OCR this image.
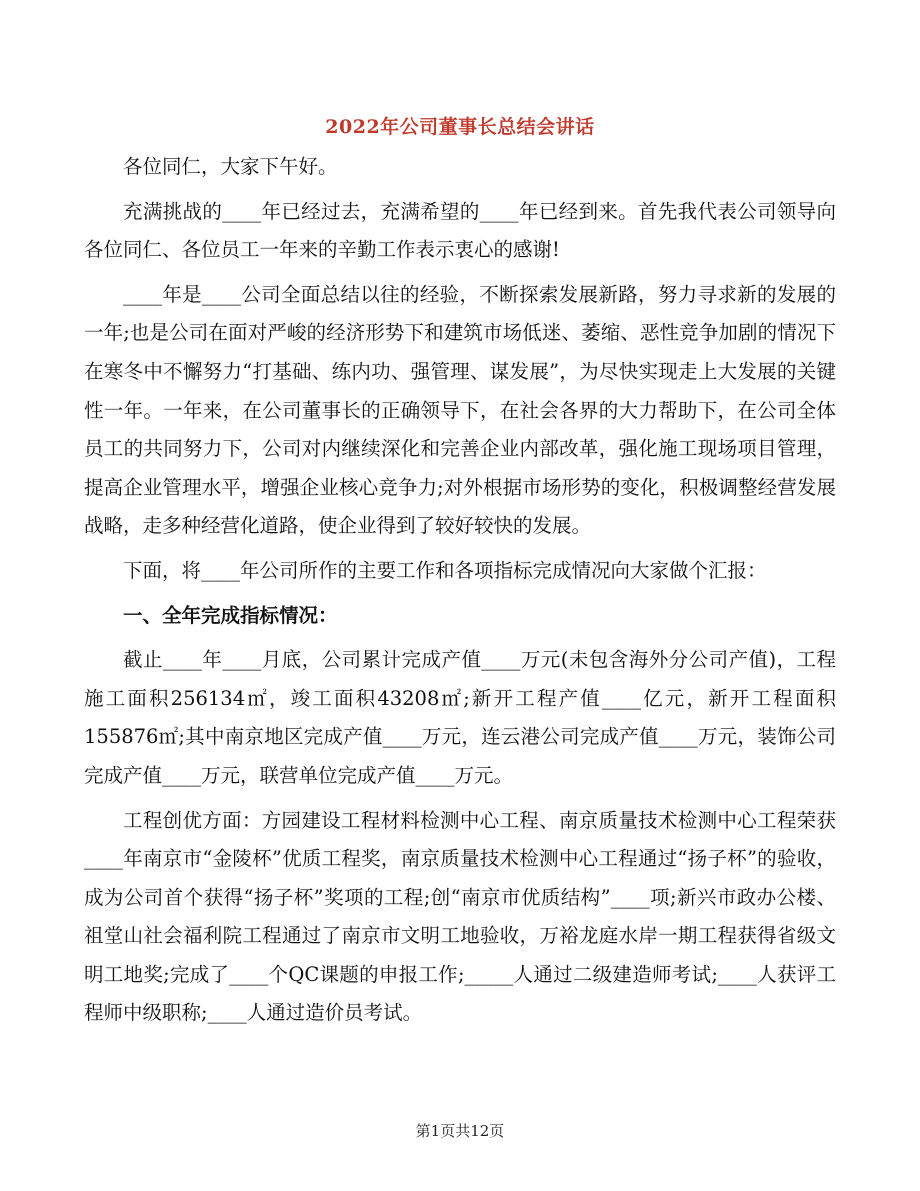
2022年公司董事长总结会讲话

各位同仁，大家下午好。

充满挑战的____年已经过去，充满希望的____年已经到来。首先我代表公司领导向各位同仁、各位员工一年来的辛勤工作表示衷心的感谢!

____年是____公司全面总结以往的经验，不断探索发展新路，努力寻求新的发展的一年;也是公司在面对严峻的经济形势下和建筑市场低迷、萎缩、恶性竞争加剧的情况下在寒冬中不懈努力“打基础、练内功、强管理、谋发展”，为尽快实现走上大发展的关键性一年。一年来，在公司董事长的正确领导下，在社会各界的大力帮助下，在公司全体员工的共同努力下，公司对内继续深化和完善企业内部改革，强化施工现场项目管理，提高企业管理水平，增强企业核心竞争力;对外根据市场形势的变化，积极调整经营发展战略，走多种经营化道路，使企业得到了较好较快的发展。

下面，将____年公司所作的主要工作和各项指标完成情况向大家做个汇报：

一、全年完成指标情况：

截止____年____月底，公司累计完成产值____万元(未包含海外分公司产值)，工程施工面积256134㎡，竣工面积43208㎡;新开工程产值____亿元，新开工程面积155876㎡;其中南京地区完成产值____万元，连云港公司完成产值____万元，装饰公司完成产值____万元，联营单位完成产值____万元。

工程创优方面：方园建设工程材料检测中心工程、南京质量技术检测中心工程荣获____年南京市“金陵杯”优质工程奖，南京质量技术检测中心工程通过“扬子杯”的验收，成为公司首个获得“扬子杯”奖项的工程;创“南京市优质结构”____项;新兴市政办公楼、祖堂山社会福利院工程通过了南京市文明工地验收，万裕龙庭水岸一期工程获得省级文明工地奖;完成了____个QC课题的申报工作;_____人通过二级建造师考试;____人获评工程师中级职称;____人通过造价员考试。

第1页共12页
